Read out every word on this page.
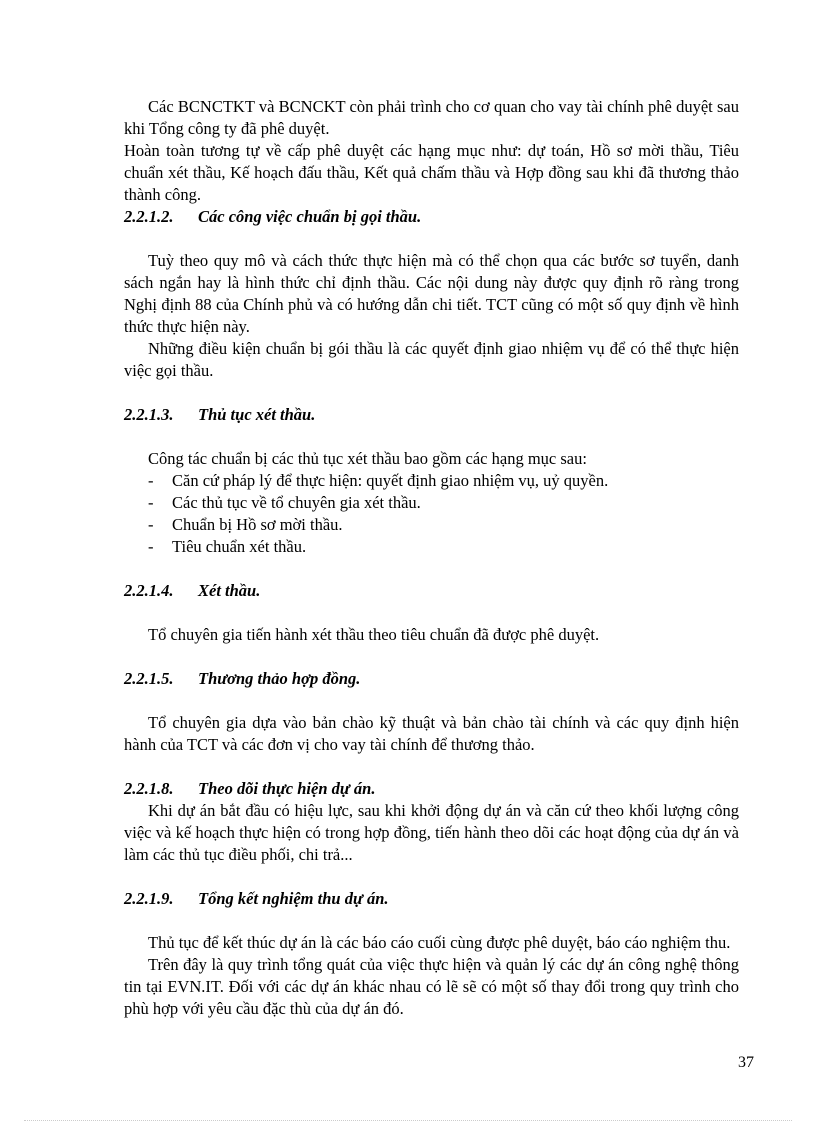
Các BCNCTKT và BCNCKT còn phải trình cho cơ quan cho vay tài chính phê duyệt sau khi Tổng công ty đã phê duyệt.

Hoàn toàn tương tự về cấp phê duyệt các hạng mục như: dự toán, Hồ sơ mời thầu, Tiêu chuẩn xét thầu, Kế hoạch đấu thầu, Kết quả chấm thầu và Hợp đồng sau khi đã thương thảo thành công.

2.2.1.2. Các công việc chuẩn bị gọi thầu.

Tuỳ theo quy mô và cách thức thực hiện mà có thể chọn qua các bước sơ tuyển, danh sách ngắn hay là hình thức chỉ định thầu. Các nội dung này được quy định rõ ràng trong Nghị định 88 của Chính phủ và có hướng dẫn chi tiết. TCT cũng có một số quy định về hình thức thực hiện này.

Những điều kiện chuẩn bị gói thầu là các quyết định giao nhiệm vụ để có thể thực hiện việc gọi thầu.

2.2.1.3. Thủ tục xét thầu.

Công tác chuẩn bị các thủ tục xét thầu bao gồm các hạng mục sau:

- Căn cứ pháp lý để thực hiện: quyết định giao nhiệm vụ, uỷ quyền.
- Các thủ tục về tổ chuyên gia xét thầu.
- Chuẩn bị Hồ sơ mời thầu.
- Tiêu chuẩn xét thầu.

2.2.1.4. Xét thầu.

Tổ chuyên gia tiến hành xét thầu theo tiêu chuẩn đã được phê duyệt.

2.2.1.5. Thương thảo hợp đồng.

Tổ chuyên gia dựa vào bản chào kỹ thuật và bản chào tài chính và các quy định hiện hành của TCT và các đơn vị cho vay tài chính để thương thảo.

2.2.1.8. Theo dõi thực hiện dự án.

Khi dự án bắt đầu có hiệu lực, sau khi khởi động dự án và căn cứ theo khối lượng công việc và kế hoạch thực hiện có trong hợp đồng, tiến hành theo dõi các hoạt động của dự án và làm các thủ tục điều phối, chi trả...

2.2.1.9. Tổng kết nghiệm thu dự án.

Thủ tục để kết thúc dự án là các báo cáo cuối cùng được phê duyệt, báo cáo nghiệm thu.

Trên đây là quy trình tổng quát của việc thực hiện và quản lý các dự án công nghệ thông tin tại EVN.IT. Đối với các dự án khác nhau có lẽ sẽ có một số thay đổi trong quy trình cho phù hợp với yêu cầu đặc thù của dự án đó.

37
